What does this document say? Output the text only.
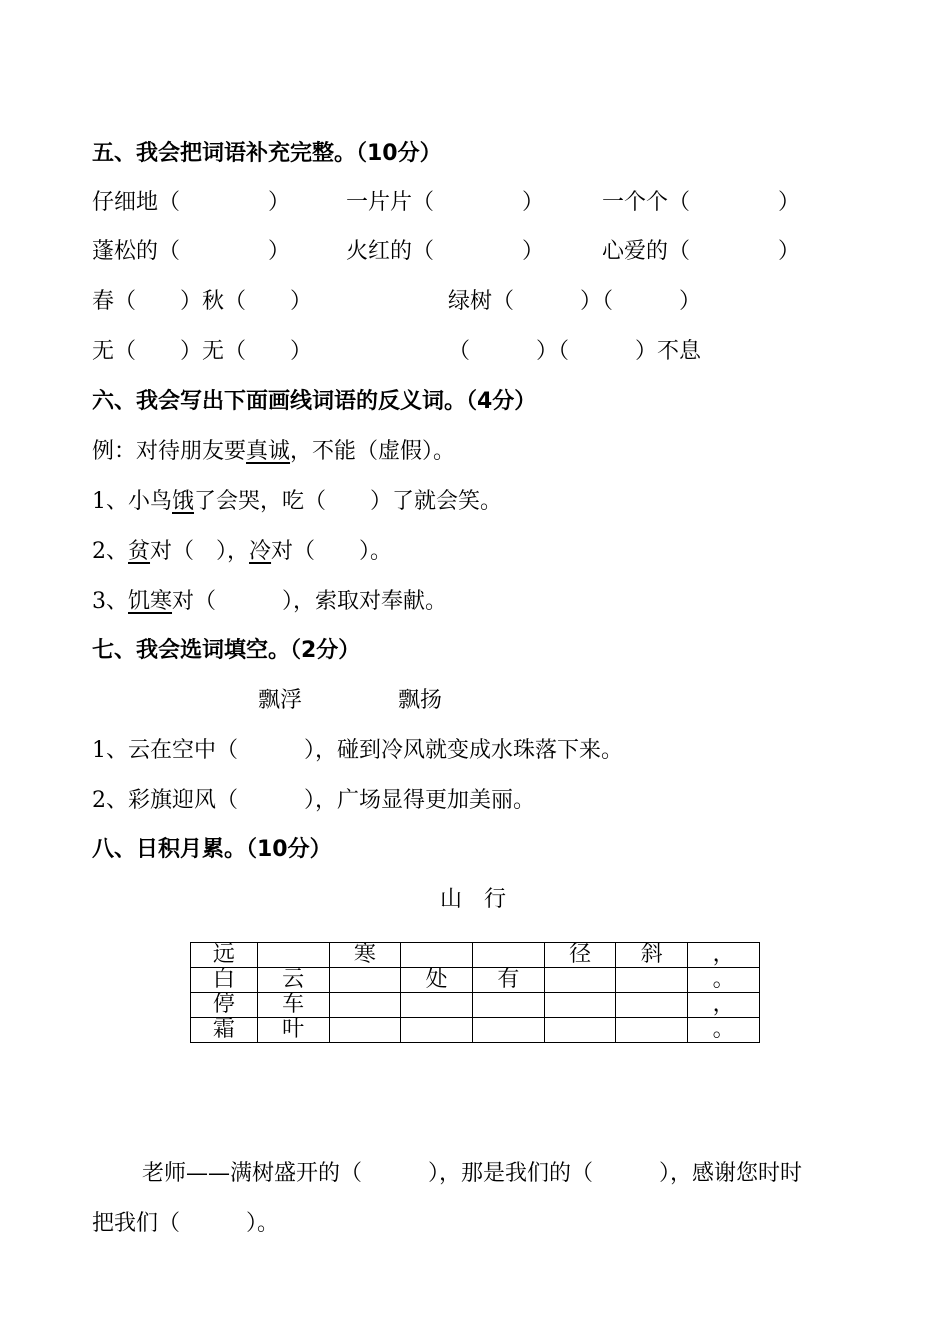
五、我会把词语补充完整。（10分）
仔细地（　　　　）	一片片（　　　　）	一个个（　　　　）
蓬松的（　　　　）	火红的（　　　　）	心爱的（　　　　）
春（　　）秋（　　）	绿树（　　　）（　　　）
无（　　）无（　　）	（　　　）（　　　）不息
六、我会写出下面画线词语的反义词。（4分）
例：对待朋友要真诚，不能（虚假）。
1、小鸟饿了会哭，吃（　　）了就会笑。
2、贫对（　），冷对（　　）。
3、饥寒对（　　　），索取对奉献。
七、我会选词填空。（2分）
飘浮	飘扬
1、云在空中（　　　），碰到冷风就变成水珠落下来。
2、彩旗迎风（　　　），广场显得更加美丽。
八、日积月累。（10分）
山　行
远		寒			径	斜	，
白	云		处	有			。
停	车						，
霜	叶						。
老师——满树盛开的（　　　），那是我们的（　　　），感谢您时时
把我们（　　　）。
